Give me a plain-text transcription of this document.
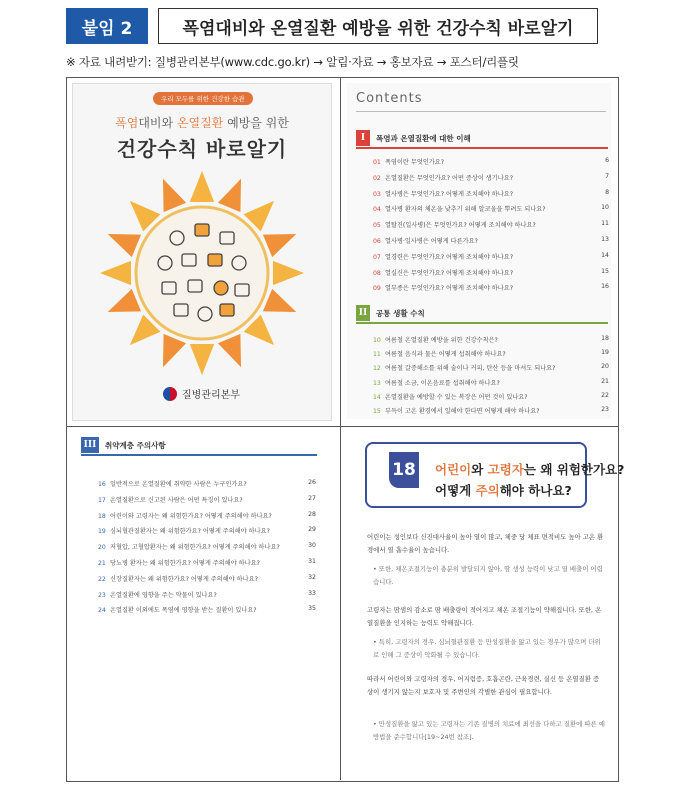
붙임 2	폭염대비와 온열질환 예방을 위한 건강수칙 바로알기
※ 자료 내려받기: 질병관리본부(www.cdc.go.kr) → 알림·자료 → 홍보자료 → 포스터/리플릿
우리 모두를 위한 건강한 습관
폭염대비와 온열질환 예방을 위한
건강수칙 바로알기
질병관리본부
Contents
I	폭염과 온열질환에 대한 이해
01 폭염이란 무엇인가요?	6
02 온열질환은 무엇인가요? 어떤 증상이 생기나요?	7
03 열사병은 무엇인가요? 어떻게 조치해야 하나요?	8
04 열사병 환자의 체온을 낮추기 위해 알코올을 뿌려도 되나요?	10
05 열탈진(일사병)은 무엇인가요? 어떻게 조치해야 하나요?	11
06 열사병·일사병은 어떻게 다른가요?	13
07 열경련은 무엇인가요? 어떻게 조치해야 하나요?	14
08 열실신은 무엇인가요? 어떻게 조치해야 하나요?	15
09 열부종은 무엇인가요? 어떻게 조치해야 하나요?	16
II	공통 생활 수칙
10 여름철 온열질환 예방을 위한 건강수칙은?	18
11 여름철 음식과 물은 어떻게 섭취해야 하나요?	19
12 여름철 갈증해소를 위해 술이나 커피, 탄산 등을 마셔도 되나요?	20
13 여름철 소금, 이온음료를 섭취해야 하나요?	21
14 온열질환을 예방할 수 있는 복장은 어떤 것이 있나요?	22
15 부득이 고온 환경에서 일해야 한다면 어떻게 해야 하나요?	23
III	취약계층 주의사항
16 일반적으로 온열질환에 취약한 사람은 누구인가요?	26
17 온열질환으로 신고된 사람은 어떤 특징이 있나요?	27
18 어린이와 고령자는 왜 위험한가요? 어떻게 주의해야 하나요?	28
19 심뇌혈관질환자는 왜 위험한가요? 어떻게 주의해야 하나요?	29
20 저혈압, 고혈압환자는 왜 위험한가요? 어떻게 주의해야 하나요?	30
21 당뇨병 환자는 왜 위험한가요? 어떻게 주의해야 하나요?	31
22 신장질환자는 왜 위험한가요? 어떻게 주의해야 하나요?	32
23 온열질환에 영향을 주는 약물이 있나요?	33
24 온열질환 이외에도 폭염에 영향을 받는 질환이 있나요?	35
18 어린이와 고령자는 왜 위험한가요?
어떻게 주의해야 하나요?
어린이는 성인보다 신진대사율이 높아 열이 많고, 체중 당 체표 면적비도 높아 고온 환경에서 열 흡수율이 높습니다.
• 또한, 체온조절기능이 충분히 발달되지 않아, 땀 생성 능력이 낮고 열 배출이 어렵습니다.
고령자는 땀샘의 감소로 땀 배출량이 적어지고 체온 조절기능이 약해집니다. 또한, 온열질환을 인지하는 능력도 약해집니다.
• 특히, 고령자의 경우, 심뇌혈관질환 등 만성질환을 앓고 있는 경우가 많으며 더위로 인해 그 증상이 악화될 수 있습니다.
따라서 어린이와 고령자의 경우, 어지럼증, 호흡곤란, 근육경련, 실신 등 온열질환 증상이 생기지 않는지 보호자 및 주변인의 각별한 관심이 필요합니다.
• 만성질환을 앓고 있는 고령자는 기존 질병의 치료에 최선을 다하고 질환에 따른 예방법을 준수합니다[19~24번 참조].
